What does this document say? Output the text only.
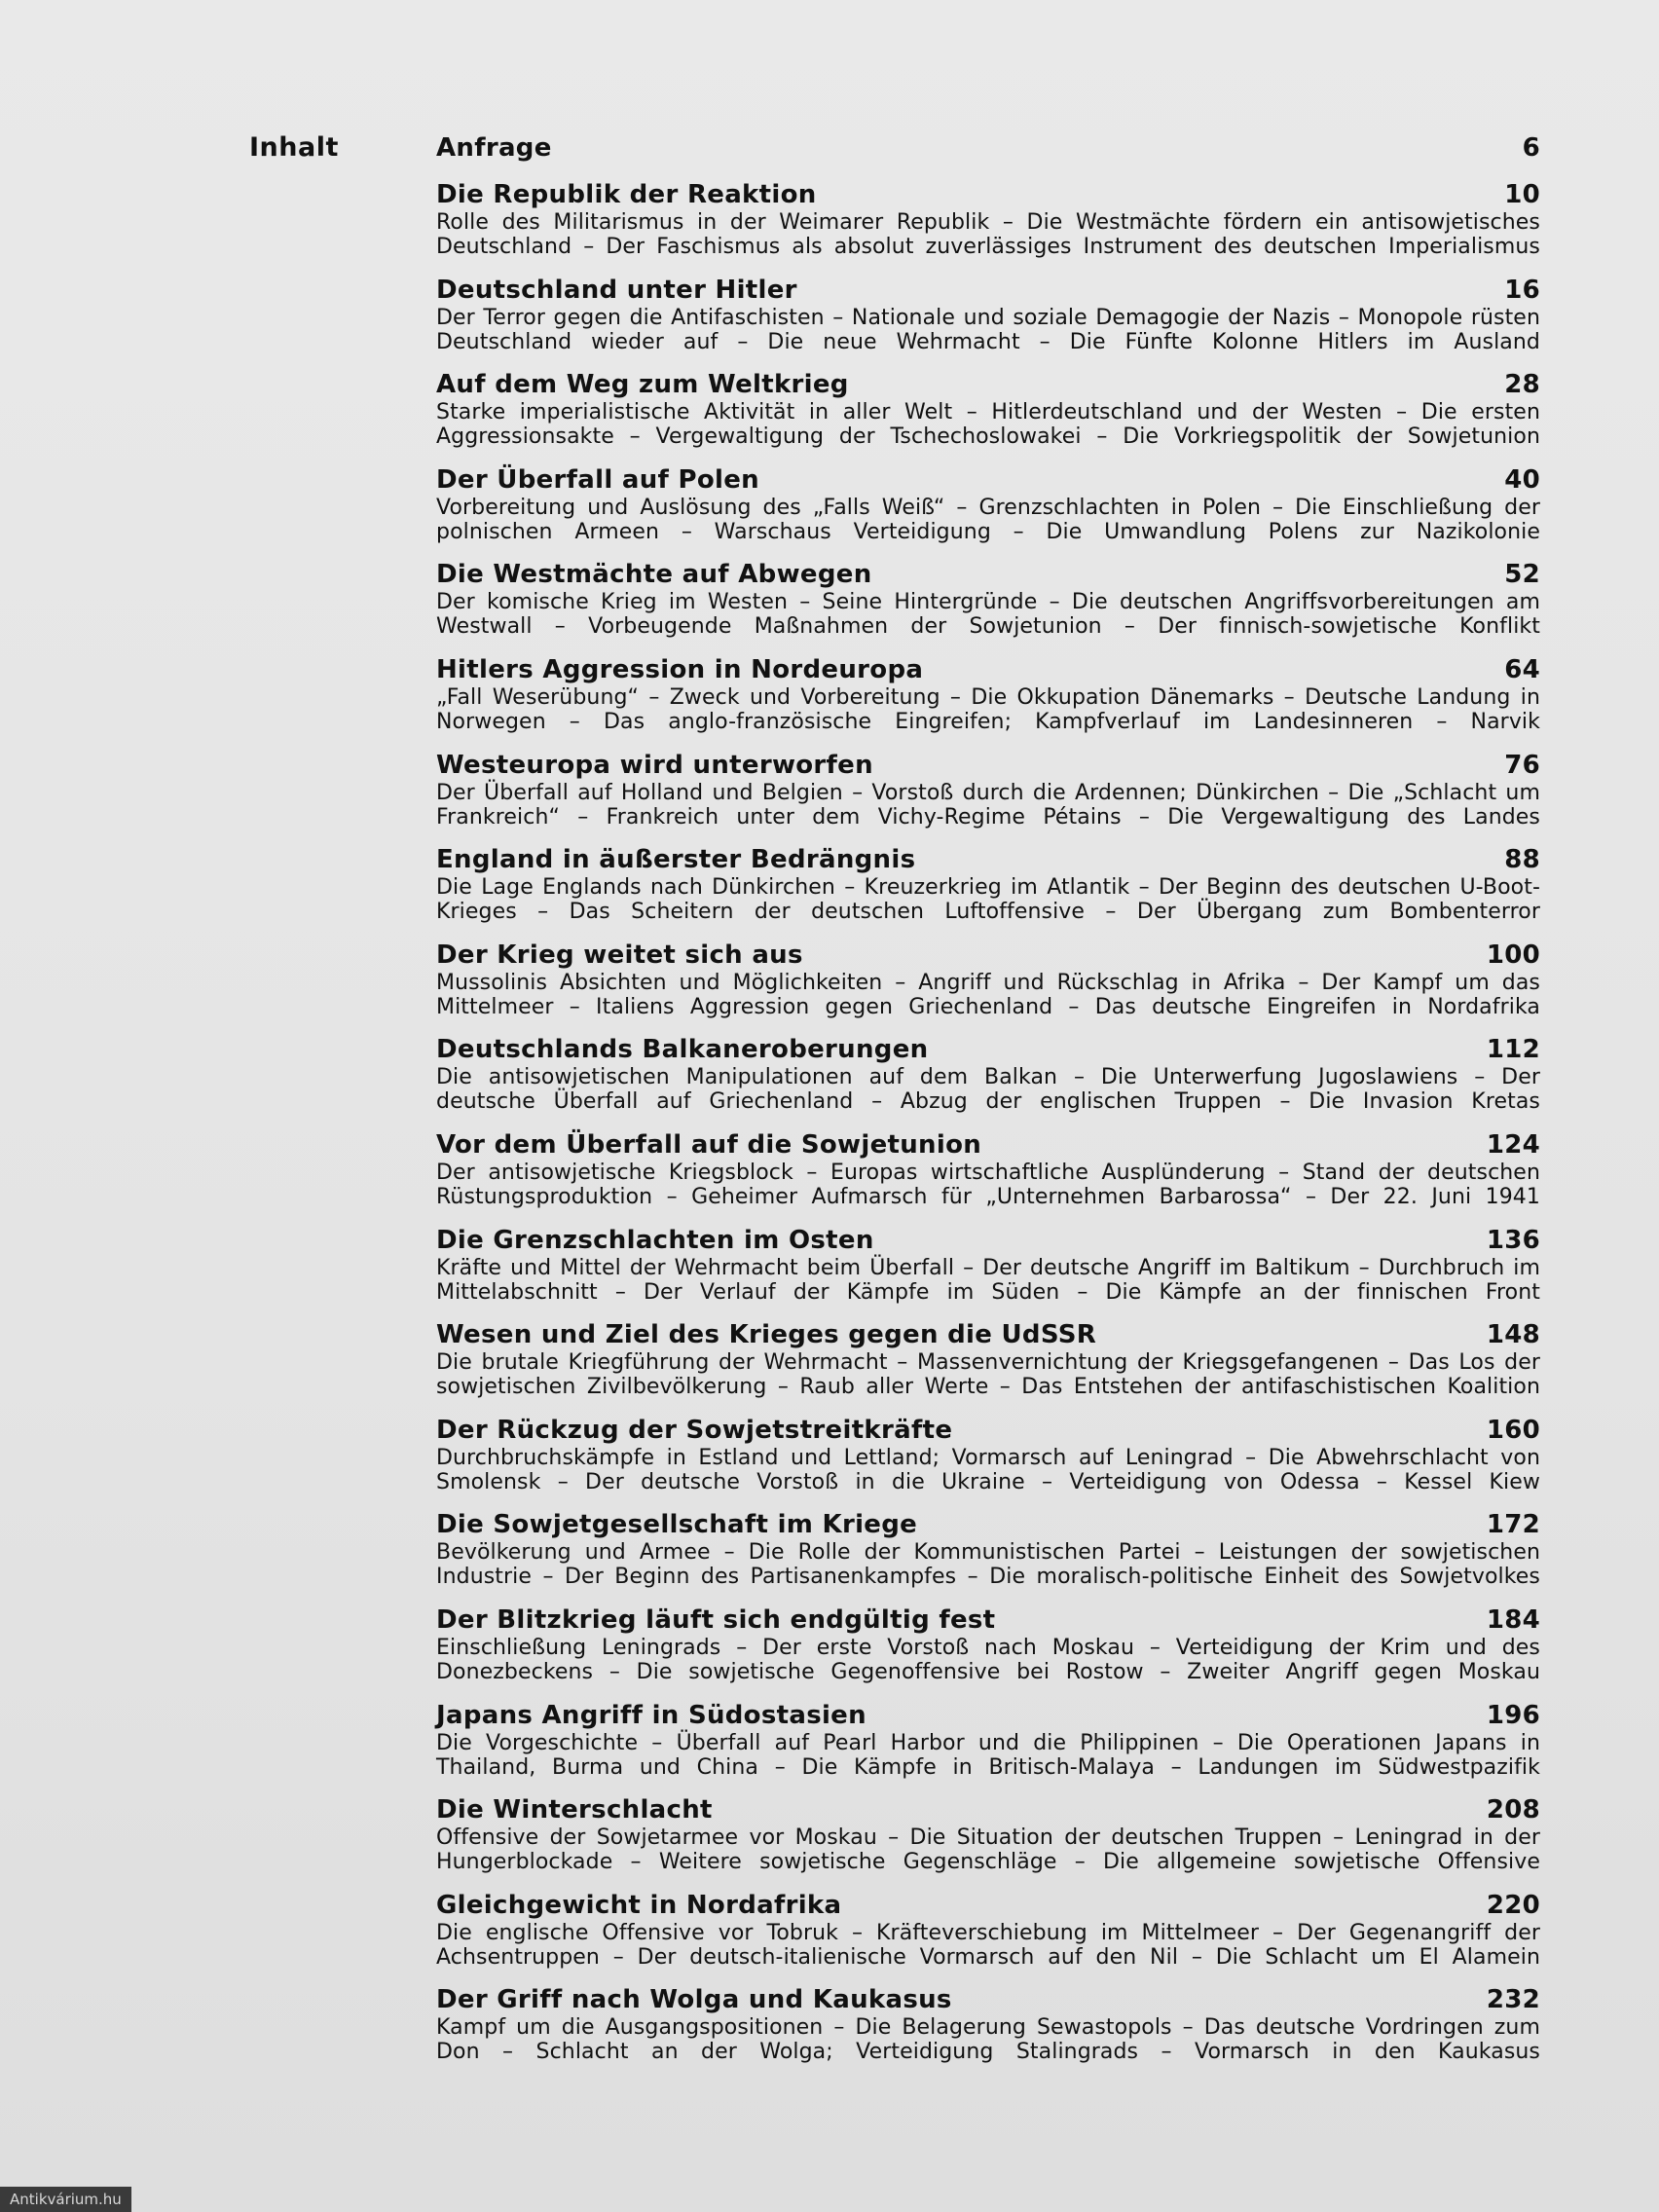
Inhalt	Anfrage	6
Die Republik der Reaktion	10
Rolle des Militarismus in der Weimarer Republik – Die Westmächte fördern ein antisowjetisches Deutschland – Der Faschismus als absolut zuverlässiges Instrument des deutschen Imperialismus
Deutschland unter Hitler	16
Der Terror gegen die Antifaschisten – Nationale und soziale Demagogie der Nazis – Monopole rüsten Deutschland wieder auf – Die neue Wehrmacht – Die Fünfte Kolonne Hitlers im Ausland
Auf dem Weg zum Weltkrieg	28
Starke imperialistische Aktivität in aller Welt – Hitlerdeutschland und der Westen – Die ersten Aggressionsakte – Vergewaltigung der Tschechoslowakei – Die Vorkriegspolitik der Sowjetunion
Der Überfall auf Polen	40
Vorbereitung und Auslösung des „Falls Weiß“ – Grenzschlachten in Polen – Die Einschließung der polnischen Armeen – Warschaus Verteidigung – Die Umwandlung Polens zur Nazikolonie
Die Westmächte auf Abwegen	52
Der komische Krieg im Westen – Seine Hintergründe – Die deutschen Angriffsvorbereitungen am Westwall – Vorbeugende Maßnahmen der Sowjetunion – Der finnisch-sowjetische Konflikt
Hitlers Aggression in Nordeuropa	64
„Fall Weserübung“ – Zweck und Vorbereitung – Die Okkupation Dänemarks – Deutsche Landung in Norwegen – Das anglo-französische Eingreifen; Kampfverlauf im Landesinneren – Narvik
Westeuropa wird unterworfen	76
Der Überfall auf Holland und Belgien – Vorstoß durch die Ardennen; Dünkirchen – Die „Schlacht um Frankreich“ – Frankreich unter dem Vichy-Regime Pétains – Die Vergewaltigung des Landes
England in äußerster Bedrängnis	88
Die Lage Englands nach Dünkirchen – Kreuzerkrieg im Atlantik – Der Beginn des deutschen U-Boot-Krieges – Das Scheitern der deutschen Luftoffensive – Der Übergang zum Bombenterror
Der Krieg weitet sich aus	100
Mussolinis Absichten und Möglichkeiten – Angriff und Rückschlag in Afrika – Der Kampf um das Mittelmeer – Italiens Aggression gegen Griechenland – Das deutsche Eingreifen in Nordafrika
Deutschlands Balkaneroberungen	112
Die antisowjetischen Manipulationen auf dem Balkan – Die Unterwerfung Jugoslawiens – Der deutsche Überfall auf Griechenland – Abzug der englischen Truppen – Die Invasion Kretas
Vor dem Überfall auf die Sowjetunion	124
Der antisowjetische Kriegsblock – Europas wirtschaftliche Ausplünderung – Stand der deutschen Rüstungsproduktion – Geheimer Aufmarsch für „Unternehmen Barbarossa“ – Der 22. Juni 1941
Die Grenzschlachten im Osten	136
Kräfte und Mittel der Wehrmacht beim Überfall – Der deutsche Angriff im Baltikum – Durchbruch im Mittelabschnitt – Der Verlauf der Kämpfe im Süden – Die Kämpfe an der finnischen Front
Wesen und Ziel des Krieges gegen die UdSSR	148
Die brutale Kriegführung der Wehrmacht – Massenvernichtung der Kriegsgefangenen – Das Los der sowjetischen Zivilbevölkerung – Raub aller Werte – Das Entstehen der antifaschistischen Koalition
Der Rückzug der Sowjetstreitkräfte	160
Durchbruchskämpfe in Estland und Lettland; Vormarsch auf Leningrad – Die Abwehrschlacht von Smolensk – Der deutsche Vorstoß in die Ukraine – Verteidigung von Odessa – Kessel Kiew
Die Sowjetgesellschaft im Kriege	172
Bevölkerung und Armee – Die Rolle der Kommunistischen Partei – Leistungen der sowjetischen Industrie – Der Beginn des Partisanenkampfes – Die moralisch-politische Einheit des Sowjetvolkes
Der Blitzkrieg läuft sich endgültig fest	184
Einschließung Leningrads – Der erste Vorstoß nach Moskau – Verteidigung der Krim und des Donezbeckens – Die sowjetische Gegenoffensive bei Rostow – Zweiter Angriff gegen Moskau
Japans Angriff in Südostasien	196
Die Vorgeschichte – Überfall auf Pearl Harbor und die Philippinen – Die Operationen Japans in Thailand, Burma und China – Die Kämpfe in Britisch-Malaya – Landungen im Südwestpazifik
Die Winterschlacht	208
Offensive der Sowjetarmee vor Moskau – Die Situation der deutschen Truppen – Leningrad in der Hungerblockade – Weitere sowjetische Gegenschläge – Die allgemeine sowjetische Offensive
Gleichgewicht in Nordafrika	220
Die englische Offensive vor Tobruk – Kräfteverschiebung im Mittelmeer – Der Gegenangriff der Achsentruppen – Der deutsch-italienische Vormarsch auf den Nil – Die Schlacht um El Alamein
Der Griff nach Wolga und Kaukasus	232
Kampf um die Ausgangspositionen – Die Belagerung Sewastopols – Das deutsche Vordringen zum Don – Schlacht an der Wolga; Verteidigung Stalingrads – Vormarsch in den Kaukasus
Antikvárium.hu
